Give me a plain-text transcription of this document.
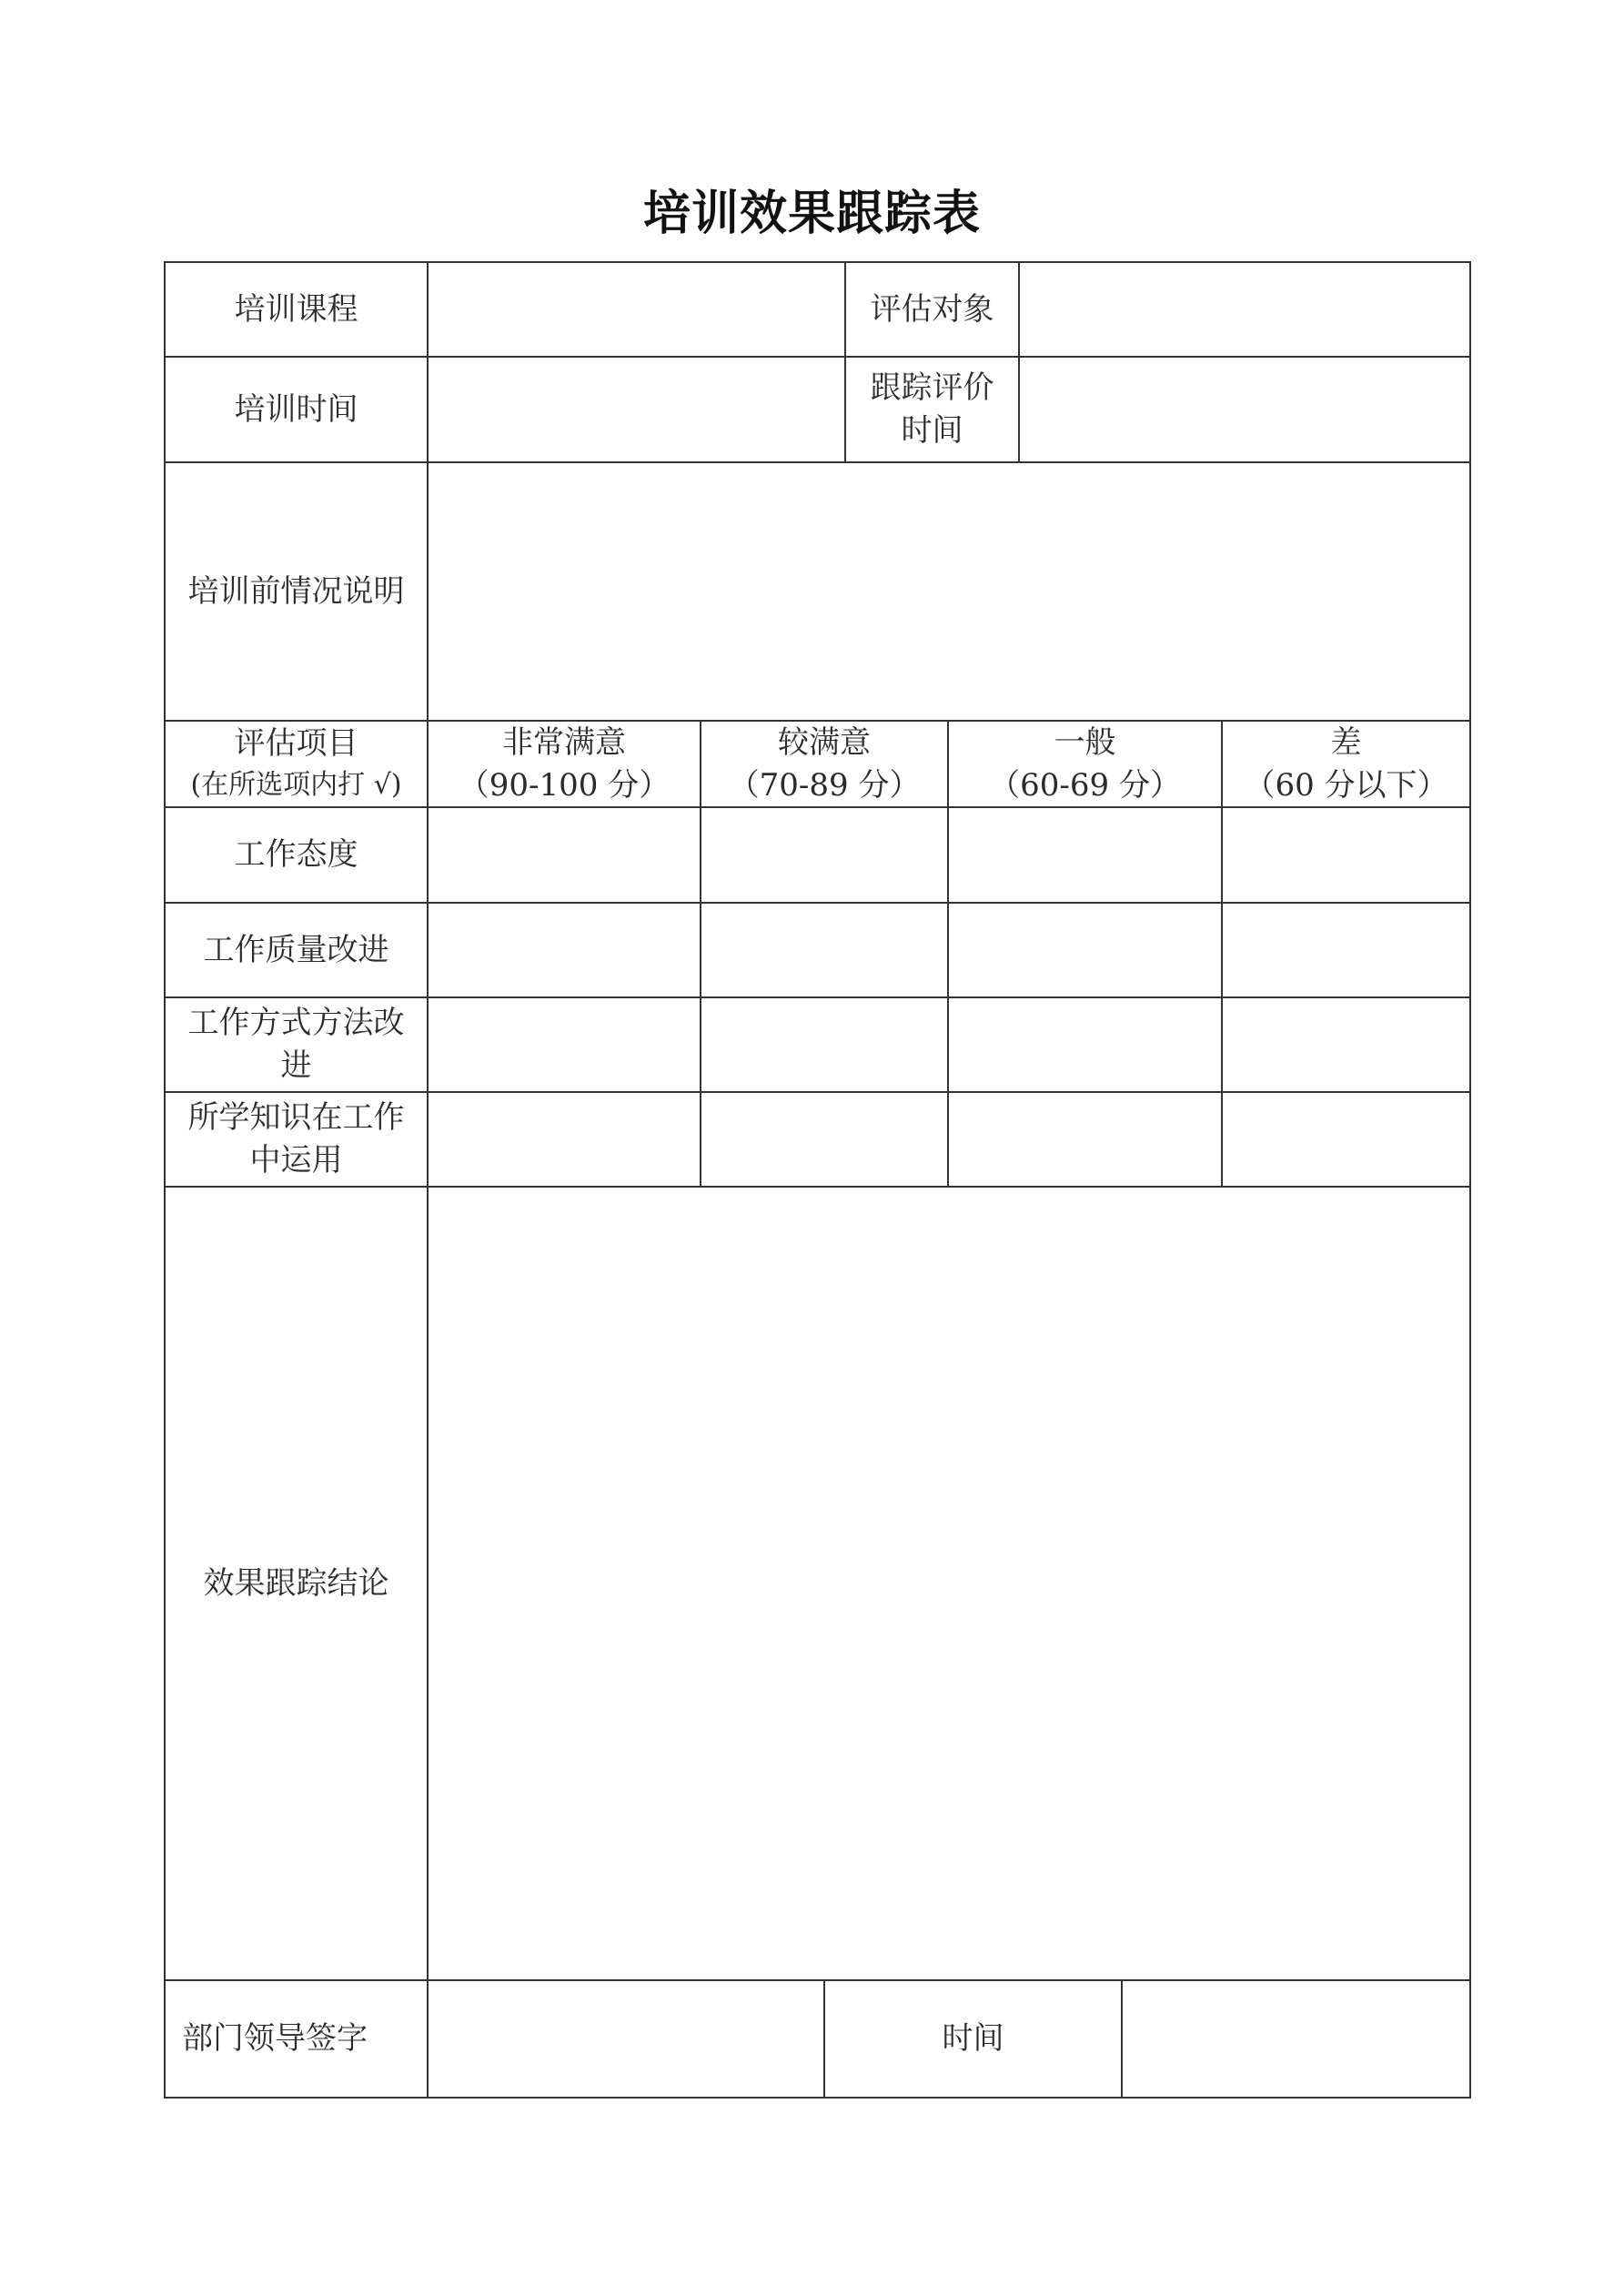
培训效果跟踪表
培训课程	评估对象
培训时间
跟踪评价
时间
培训前情况说明
评估项目
(在所选项内打 √)
非常满意
（90-100 分）
较满意
（70-89 分）
一般
（60-69 分）
差
（60 分以下）
工作态度
工作质量改进
工作方式方法改
进
所学知识在工作
中运用
效果跟踪结论
部门领导签字	时间
